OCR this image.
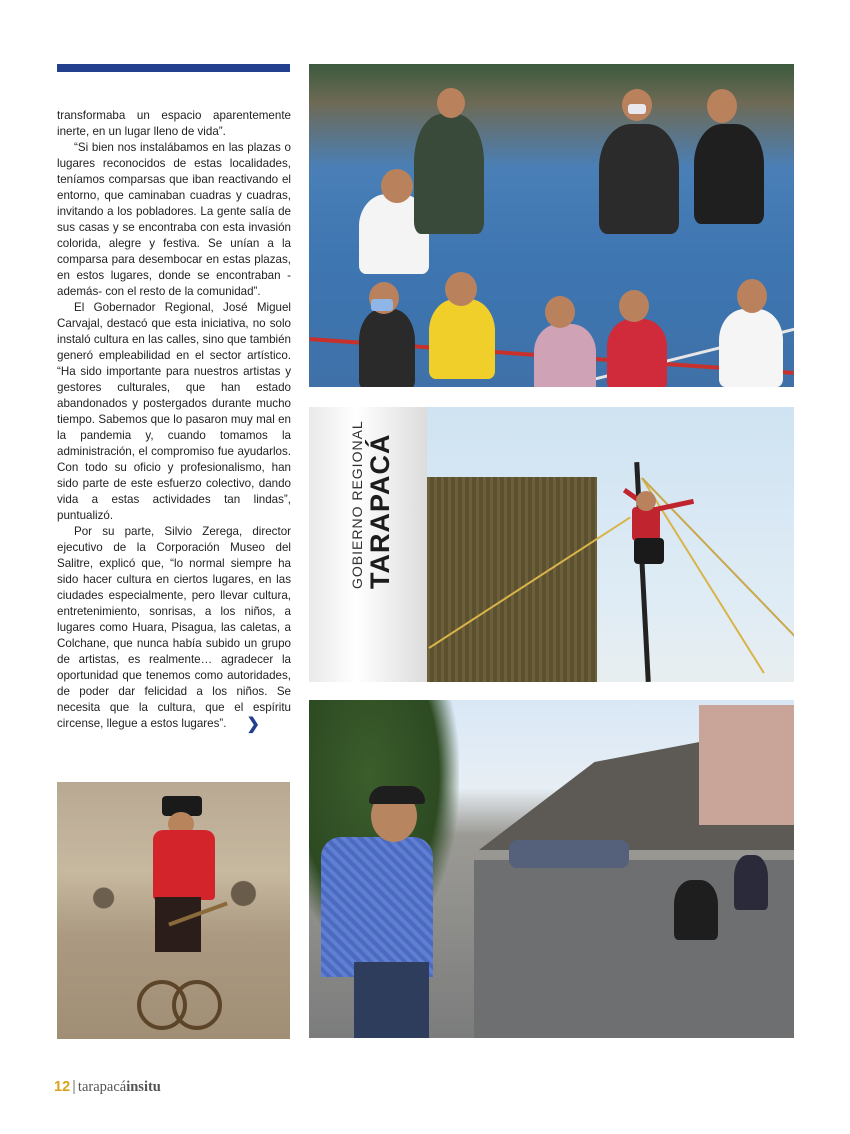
transformaba un espacio aparentemente inerte, en un lugar lleno de vida”.

“Si bien nos instalábamos en las plazas o lugares reconocidos de estas localidades, teníamos comparsas que iban reactivando el entorno, que caminaban cuadras y cuadras, invitando a los pobladores. La gente salía de sus casas y se encontraba con esta invasión colorida, alegre y festiva. Se unían a la comparsa para desembocar en estas plazas, en estos lugares, donde se encontraban -además- con el resto de la comunidad”.

El Gobernador Regional, José Miguel Carvajal, destacó que esta iniciativa, no solo instaló cultura en las calles, sino que también generó empleabilidad en el sector artístico. “Ha sido importante para nuestros artistas y gestores culturales, que han estado abandonados y postergados durante mucho tiempo. Sabemos que lo pasaron muy mal en la pandemia y, cuando tomamos la administración, el compromiso fue ayudarlos. Con todo su oficio y profesionalismo, han sido parte de este esfuerzo colectivo, dando vida a estas actividades tan lindas”, puntualizó.

Por su parte, Silvio Zerega, director ejecutivo de la Corporación Museo del Salitre, explicó que, “lo normal siempre ha sido hacer cultura en ciertos lugares, en las ciudades especialmente, pero llevar cultura, entretenimiento, sonrisas, a los niños, a lugares como Huara, Pisagua, las caletas, a Colchane, que nunca había subido un grupo de artistas, es realmente… agradecer la oportunidad que tenemos como autoridades, de poder dar felicidad a los niños. Se necesita que la cultura, que el espíritu circense, llegue a estos lugares”. ❯

GOBIERNO REGIONAL TARAPACÁ
12 | tarapacáinsitu
